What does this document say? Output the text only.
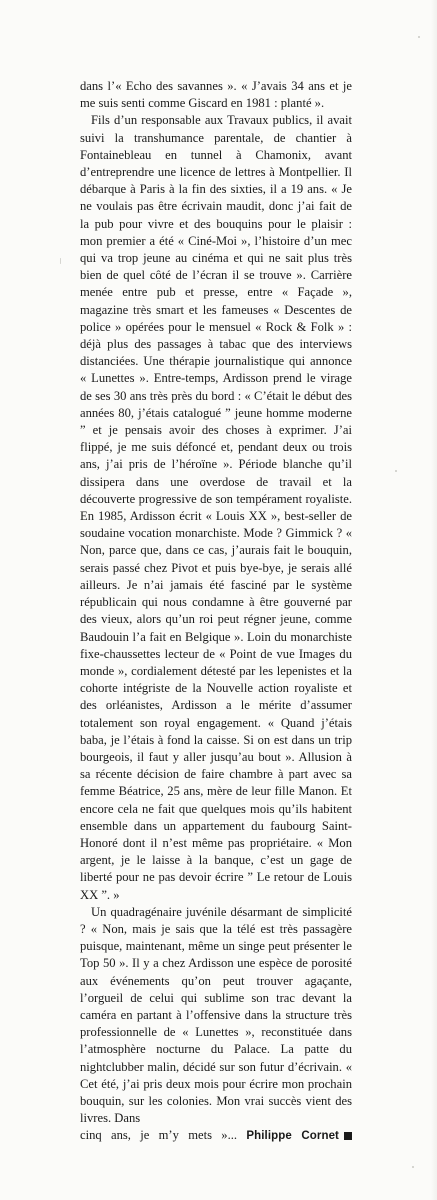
dans l’« Echo des savannes ». « J’avais 34 ans et je me suis senti comme Giscard en 1981 : planté ».

Fils d’un responsable aux Travaux publics, il avait suivi la transhumance parentale, de chantier à Fontainebleau en tunnel à Chamonix, avant d’entreprendre une licence de lettres à Montpellier. Il débarque à Paris à la fin des sixties, il a 19 ans. « Je ne voulais pas être écrivain maudit, donc j’ai fait de la pub pour vivre et des bouquins pour le plaisir : mon premier a été « Ciné-Moi », l’histoire d’un mec qui va trop jeune au cinéma et qui ne sait plus très bien de quel côté de l’écran il se trouve ». Carrière menée entre pub et presse, entre « Façade », magazine très smart et les fameuses « Descentes de police » opérées pour le mensuel « Rock & Folk » : déjà plus des passages à tabac que des interviews distanciées. Une thérapie journalistique qui annonce « Lunettes ». Entre-temps, Ardisson prend le virage de ses 30 ans très près du bord : « C’était le début des années 80, j’étais catalogué ” jeune homme moderne ” et je pensais avoir des choses à exprimer. J’ai flippé, je me suis défoncé et, pendant deux ou trois ans, j’ai pris de l’héroïne ». Période blanche qu’il dissipera dans une overdose de travail et la découverte progressive de son tempérament royaliste. En 1985, Ardisson écrit « Louis XX », best-seller de soudaine vocation monarchiste. Mode ? Gimmick ? « Non, parce que, dans ce cas, j’aurais fait le bouquin, serais passé chez Pivot et puis bye-bye, je serais allé ailleurs. Je n’ai jamais été fasciné par le système républicain qui nous condamne à être gouverné par des vieux, alors qu’un roi peut régner jeune, comme Baudouin l’a fait en Belgique ». Loin du monarchiste fixe-chaussettes lecteur de « Point de vue Images du monde », cordialement détesté par les lepenistes et la cohorte intégriste de la Nouvelle action royaliste et des orléanistes, Ardisson a le mérite d’assumer totalement son royal engagement. « Quand j’étais baba, je l’étais à fond la caisse. Si on est dans un trip bourgeois, il faut y aller jusqu’au bout ». Allusion à sa récente décision de faire chambre à part avec sa femme Béatrice, 25 ans, mère de leur fille Manon. Et encore cela ne fait que quelques mois qu’ils habitent ensemble dans un appartement du faubourg Saint-Honoré dont il n’est même pas propriétaire. « Mon argent, je le laisse à la banque, c’est un gage de liberté pour ne pas devoir écrire ” Le retour de Louis XX ”. »

Un quadragénaire juvénile désarmant de simplicité ? « Non, mais je sais que la télé est très passagère puisque, maintenant, même un singe peut présenter le Top 50 ». Il y a chez Ardisson une espèce de porosité aux événements qu’on peut trouver agaçante, l’orgueil de celui qui sublime son trac devant la caméra en partant à l’offensive dans la structure très professionnelle de « Lunettes », reconstituée dans l’atmosphère nocturne du Palace. La patte du nightclubber malin, décidé sur son futur d’écrivain. « Cet été, j’ai pris deux mois pour écrire mon prochain bouquin, sur les colonies. Mon vrai succès vient des livres. Dans

cinq ans, je m’y mets »... Philippe Cornet
